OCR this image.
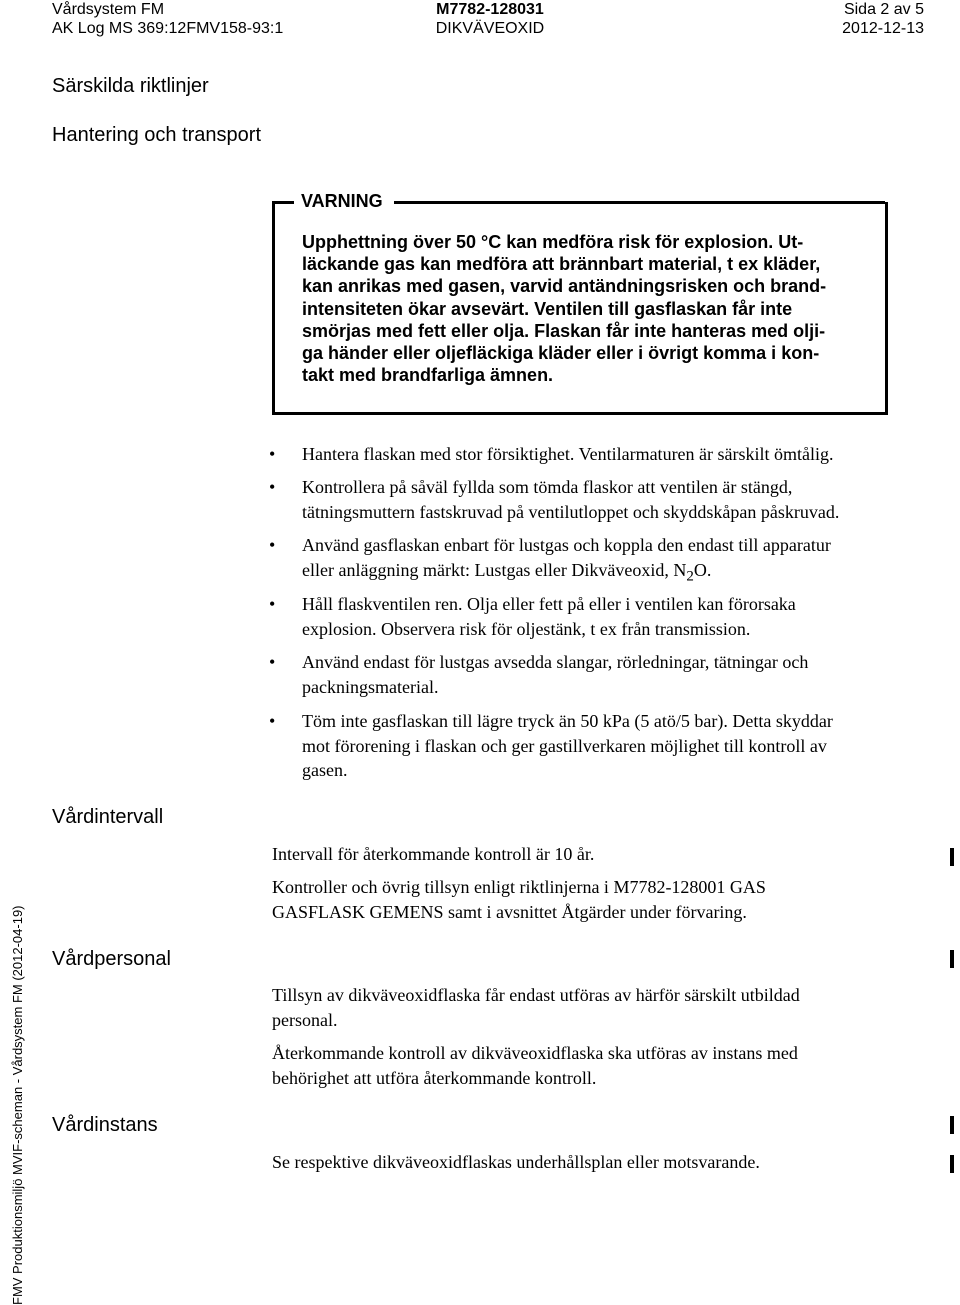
Vårdsystem FM
AK Log MS 369:12FMV158-93:1
M7782-128031
DIKVÄVEOXID
Sida 2 av 5
2012-12-13
Särskilda riktlinjer
Hantering och transport
VARNING
Upphettning över 50 °C kan medföra risk för explosion. Ut-
läckande gas kan medföra att brännbart material, t ex kläder,
kan anrikas med gasen, varvid antändningsrisken och brand-
intensiteten ökar avsevärt. Ventilen till gasflaskan får inte
smörjas med fett eller olja. Flaskan får inte hanteras med olji-
ga händer eller oljefläckiga kläder eller i övrigt komma i kon-
takt med brandfarliga ämnen.
• Hantera flaskan med stor försiktighet. Ventilarmaturen är särskilt ömtålig.
• Kontrollera på såväl fyllda som tömda flaskor att ventilen är stängd,
tätningsmuttern fastskruvad på ventilutloppet och skyddskåpan påskruvad.
• Använd gasflaskan enbart för lustgas och koppla den endast till apparatur
eller anläggning märkt: Lustgas eller Dikväveoxid, $N_2O$.
• Håll flaskventilen ren. Olja eller fett på eller i ventilen kan förorsaka
explosion. Observera risk för oljestänk, t ex från transmission.
• Använd endast för lustgas avsedda slangar, rörledningar, tätningar och
packningsmaterial.
• Töm inte gasflaskan till lägre tryck än 50 kPa (5 atö/5 bar). Detta skyddar
mot förorening i flaskan och ger gastillverkaren möjlighet till kontroll av
gasen.
Vårdintervall
Intervall för återkommande kontroll är 10 år.
Kontroller och övrig tillsyn enligt riktlinjerna i M7782-128001 GAS
GASFLASK GEMENS samt i avsnittet Åtgärder under förvaring.
Vårdpersonal
Tillsyn av dikväveoxidflaska får endast utföras av härför särskilt utbildad
personal.
Återkommande kontroll av dikväveoxidflaska ska utföras av instans med
behörighet att utföra återkommande kontroll.
Vårdinstans
Se respektive dikväveoxidflaskas underhållsplan eller motsvarande.
FMV Produktionsmiljö MVIF-scheman - Vårdsystem FM (2012-04-19)
